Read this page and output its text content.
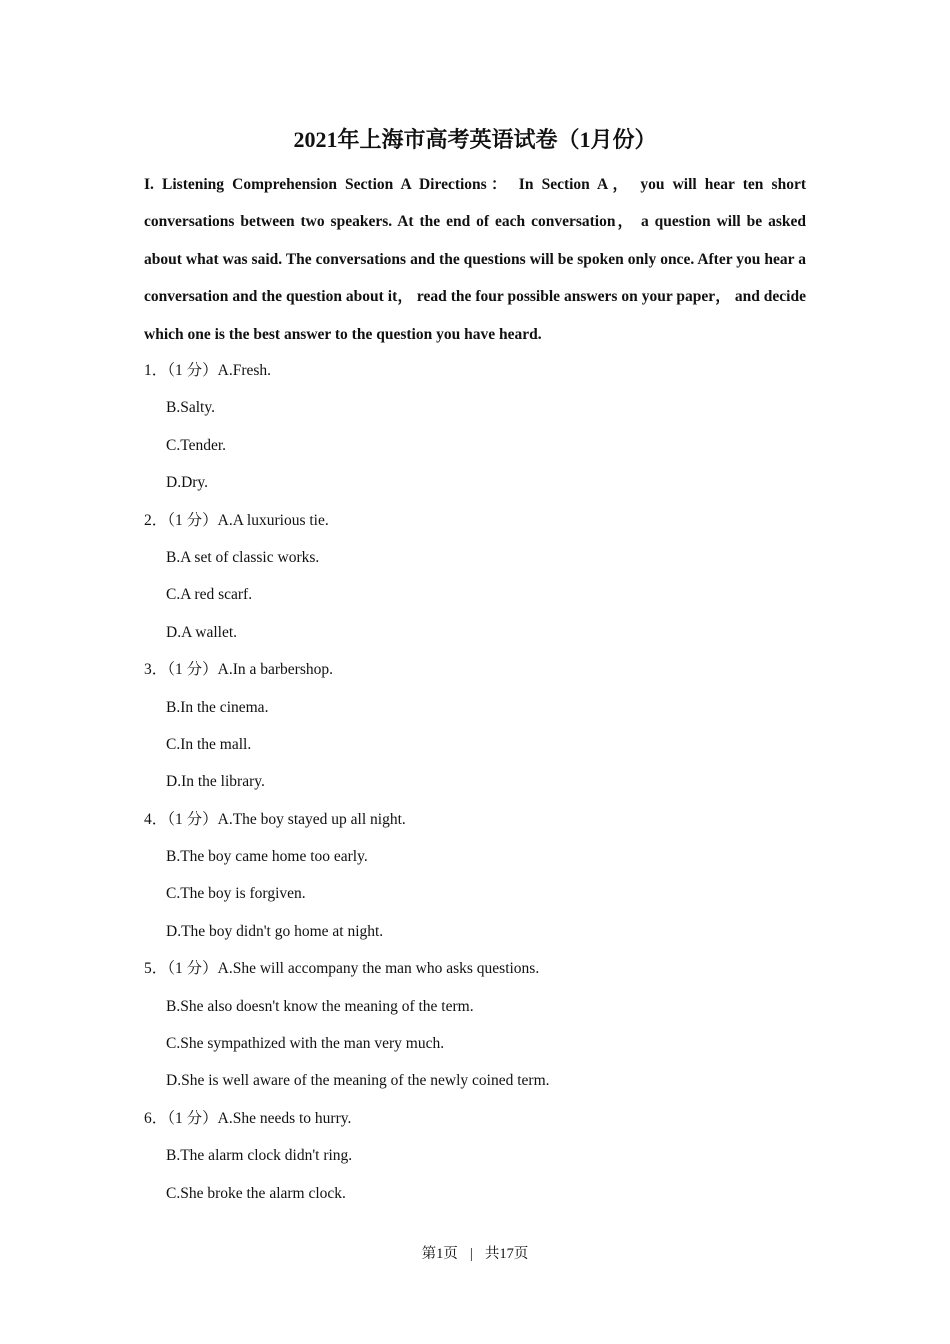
2021年上海市高考英语试卷（1月份）
I. Listening Comprehension Section A Directions： In Section A， you will hear ten short conversations between two speakers. At the end of each conversation， a question will be asked about what was said. The conversations and the questions will be spoken only once. After you hear a conversation and the question about it， read the four possible answers on your paper， and decide which one is the best answer to the question you have heard.
1．（1 分）A.Fresh.
B.Salty.
C.Tender.
D.Dry.
2．（1 分）A.A luxurious tie.
B.A set of classic works.
C.A red scarf.
D.A wallet.
3．（1 分）A.In a barbershop.
B.In the cinema.
C.In the mall.
D.In the library.
4．（1 分）A.The boy stayed up all night.
B.The boy came home too early.
C.The boy is forgiven.
D.The boy didn't go home at night.
5．（1 分）A.She will accompany the man who asks questions.
B.She also doesn't know the meaning of the term.
C.She sympathized with the man very much.
D.She is well aware of the meaning of the newly coined term.
6．（1 分）A.She needs to hurry.
B.The alarm clock didn't ring.
C.She broke the alarm clock.
第1页 | 共17页
